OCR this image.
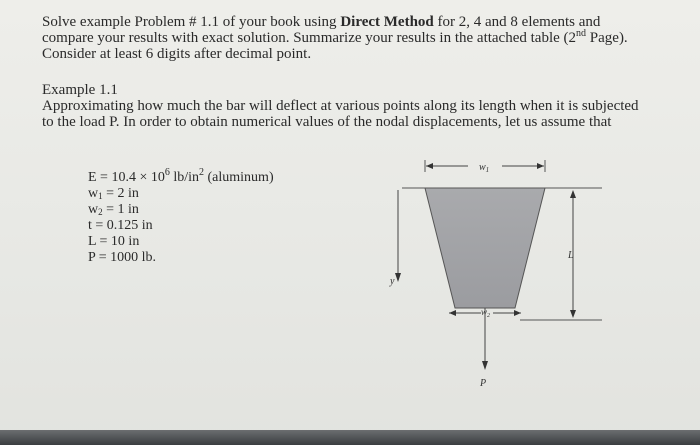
Solve example Problem # 1.1 of your book using Direct Method for 2, 4 and 8 elements and
compare your results with exact solution. Summarize your results in the attached table (2nd Page).
Consider at least 6 digits after decimal point.

Example 1.1
Approximating how much the bar will deflect at various points along its length when it is subjected
to the load P. In order to obtain numerical values of the nodal displacements, let us assume that

$E = 10.4 \times 10^6$ $lb/in^2$ (aluminum)
$w_1 = 2$ in
$w_2 = 1$ in
t = 0.125 in
L = 10 in
P = 1000 lb.
$w_1$
y
L
$w_2$
P
